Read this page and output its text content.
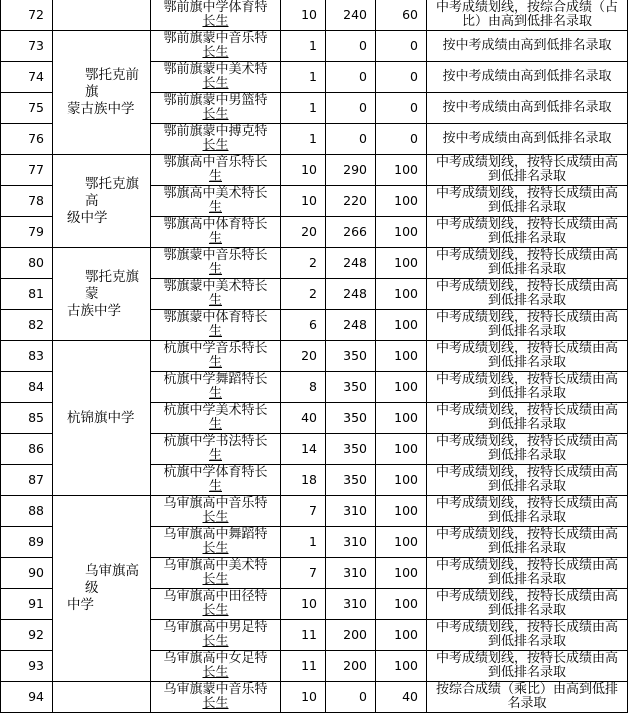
72		鄂前旗中学体育特
长生	10	240	60	中考成绩划线，按综合成绩（占
比）由高到低排名录取
73	鄂托克前旗
蒙古族中学	鄂前旗蒙中音乐特
长生	1	0	0	按中考成绩由高到低排名录取
74		鄂前旗蒙中美术特
长生	1	0	0	按中考成绩由高到低排名录取
75		鄂前旗蒙中男篮特
长生	1	0	0	按中考成绩由高到低排名录取
76		鄂前旗蒙中搏克特
长生	1	0	0	按中考成绩由高到低排名录取
77	鄂托克旗高
级中学	鄂旗高中音乐特长
生	10	290	100	中考成绩划线，按特长成绩由高
到低排名录取
78		鄂旗高中美术特长
生	10	220	100	中考成绩划线，按特长成绩由高
到低排名录取
79		鄂旗高中体育特长
生	20	266	100	中考成绩划线，按特长成绩由高
到低排名录取
80	鄂托克旗蒙
古族中学	鄂旗蒙中音乐特长
生	2	248	100	中考成绩划线，按特长成绩由高
到低排名录取
81		鄂旗蒙中美术特长
生	2	248	100	中考成绩划线，按特长成绩由高
到低排名录取
82		鄂旗蒙中体育特长
生	6	248	100	中考成绩划线，按特长成绩由高
到低排名录取
83	杭锦旗中学	杭旗中学音乐特长
生	20	350	100	中考成绩划线，按特长成绩由高
到低排名录取
84		杭旗中学舞蹈特长
生	8	350	100	中考成绩划线，按特长成绩由高
到低排名录取
85		杭旗中学美术特长
生	40	350	100	中考成绩划线，按特长成绩由高
到低排名录取
86		杭旗中学书法特长
生	14	350	100	中考成绩划线，按特长成绩由高
到低排名录取
87		杭旗中学体育特长
生	18	350	100	中考成绩划线，按特长成绩由高
到低排名录取
88	乌审旗高级
中学	乌审旗高中音乐特
长生	7	310	100	中考成绩划线，按特长成绩由高
到低排名录取
89		乌审旗高中舞蹈特
长生	1	310	100	中考成绩划线，按特长成绩由高
到低排名录取
90		乌审旗高中美术特
长生	7	310	100	中考成绩划线，按特长成绩由高
到低排名录取
91		乌审旗高中田径特
长生	10	310	100	中考成绩划线，按特长成绩由高
到低排名录取
92		乌审旗高中男足特
长生	11	200	100	中考成绩划线，按特长成绩由高
到低排名录取
93		乌审旗高中女足特
长生	11	200	100	中考成绩划线，按特长成绩由高
到低排名录取
94		乌审旗蒙中音乐特
长生	10	0	40	按综合成绩（乘比）由高到低排
名录取
